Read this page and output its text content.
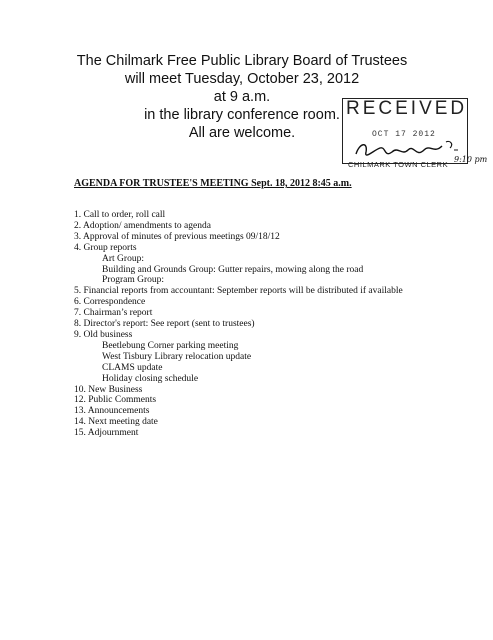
The Chilmark Free Public Library Board of Trustees
will meet Tuesday, October 23, 2012
at 9 a.m.
in the library conference room.
All are welcome.
RECEIVED
OCT 17 2012
9:10 pm
CHILMARK TOWN CLERK
AGENDA FOR TRUSTEE'S MEETING Sept. 18, 2012 8:45 a.m.
1. Call to order, roll call
2. Adoption/ amendments to agenda
3. Approval of minutes of previous meetings 09/18/12
4. Group reports
Art Group:
Building and Grounds Group: Gutter repairs, mowing along the road
Program Group:
5. Financial reports from accountant: September reports will be distributed if available
6. Correspondence
7. Chairman’s report
8. Director's report: See report (sent to trustees)
9. Old business
Beetlebung Corner parking meeting
West Tisbury Library relocation update
CLAMS update
Holiday closing schedule
10. New Business
12. Public Comments
13. Announcements
14. Next meeting date
15. Adjournment
